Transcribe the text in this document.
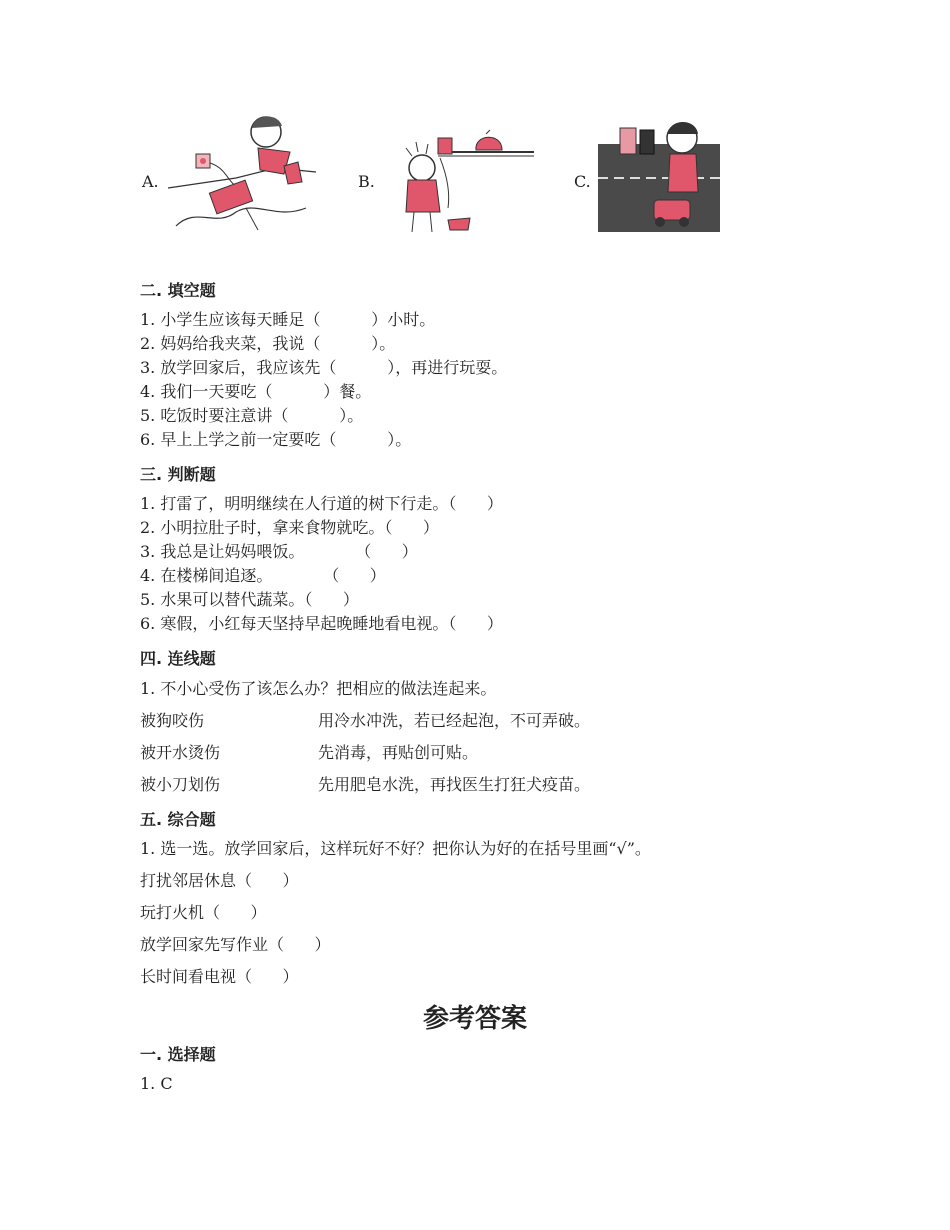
A.	B.	C.
二. 填空题
1. 小学生应该每天睡足（          ）小时。
2. 妈妈给我夹菜，我说（          ）。
3. 放学回家后，我应该先（          ），再进行玩耍。
4. 我们一天要吃（          ）餐。
5. 吃饭时要注意讲（          ）。
6. 早上上学之前一定要吃（          ）。
三. 判断题
1. 打雷了，明明继续在人行道的树下行走。（      ）
2. 小明拉肚子时，拿来食物就吃。（      ）
3. 我总是让妈妈喂饭。          （      ）
4. 在楼梯间追逐。          （      ）
5. 水果可以替代蔬菜。（      ）
6. 寒假，小红每天坚持早起晚睡地看电视。（      ）
四. 连线题
1. 不小心受伤了该怎么办？把相应的做法连起来。
被狗咬伤
被开水烫伤
被小刀划伤
用冷水冲洗，若已经起泡，不可弄破。
先消毒，再贴创可贴。
先用肥皂水洗，再找医生打狂犬疫苗。
五. 综合题
1. 选一选。放学回家后，这样玩好不好？把你认为好的在括号里画“√”。
打扰邻居休息（      ）
玩打火机（      ）
放学回家先写作业（      ）
长时间看电视（      ）
参考答案
一. 选择题
1. C
